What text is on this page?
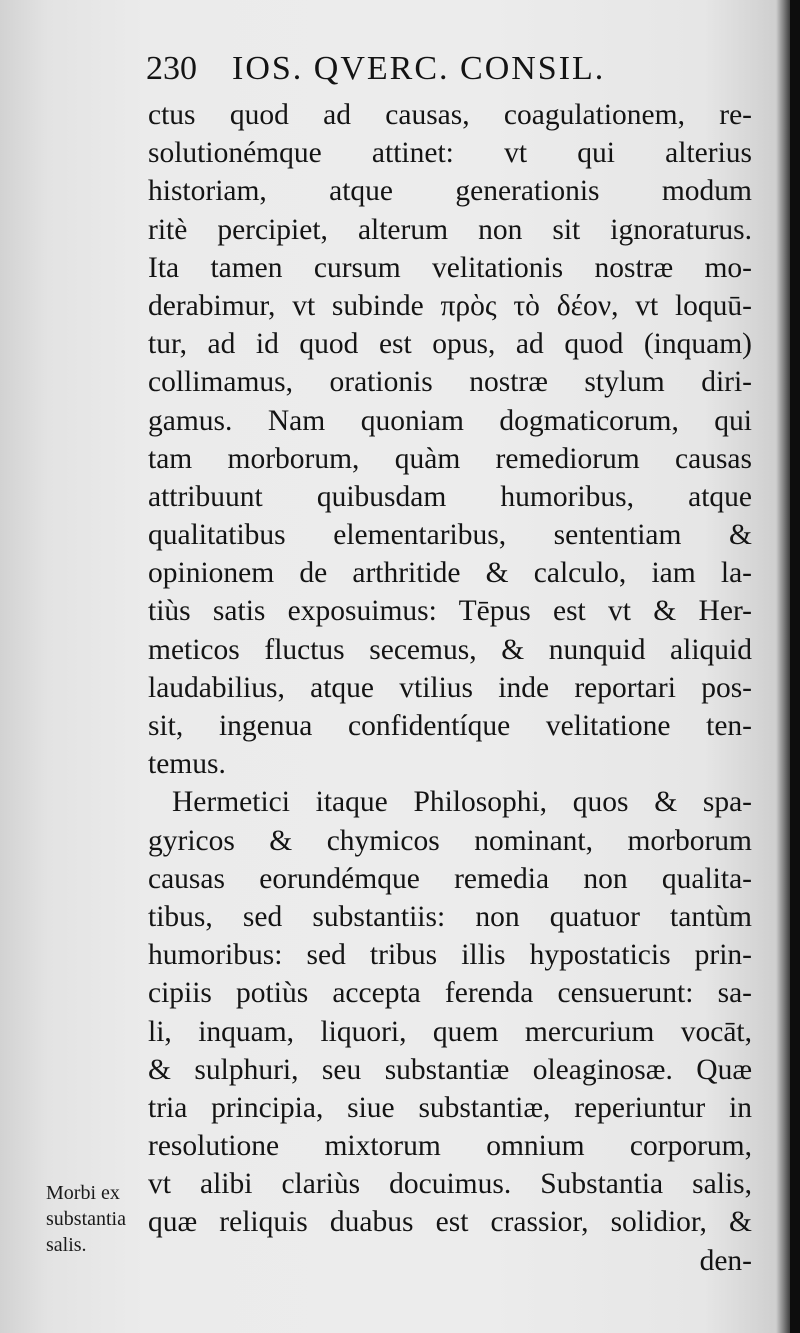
230 IOS. QVERC. CONSIL.
ctus quod ad causas, coagulationem, re-
solutionémque attinet: vt qui alterius
historiam, atque generationis modum
ritè percipiet, alterum non sit ignoraturus.
Ita tamen cursum velitationis nostræ mo-
derabimur, vt subinde πρὸς τὸ δέον, vt loquū-
tur, ad id quod est opus, ad quod (inquam)
collimamus, orationis nostræ stylum diri-
gamus. Nam quoniam dogmaticorum, qui
tam morborum, quàm remediorum causas
attribuunt quibusdam humoribus, atque
qualitatibus elementaribus, sententiam &
opinionem de arthritide & calculo, iam la-
tiùs satis exposuimus: Tēpus est vt & Her-
meticos fluctus secemus, & nunquid aliquid
laudabilius, atque vtilius inde reportari pos-
sit, ingenua confidentíque velitatione ten-
temus.
Hermetici itaque Philosophi, quos & spa-
gyricos & chymicos nominant, morborum
causas eorundémque remedia non qualita-
tibus, sed substantiis: non quatuor tantùm
humoribus: sed tribus illis hypostaticis prin-
cipiis potiùs accepta ferenda censuerunt: sa-
li, inquam, liquori, quem mercurium vocāt,
& sulphuri, seu substantiæ oleaginosæ. Quæ
tria principia, siue substantiæ, reperiuntur in
resolutione mixtorum omnium corporum,
vt alibi clariùs docuimus. Substantia salis,
quæ reliquis duabus est crassior, solidior, &
den-
Morbi ex
substantia
salis.
